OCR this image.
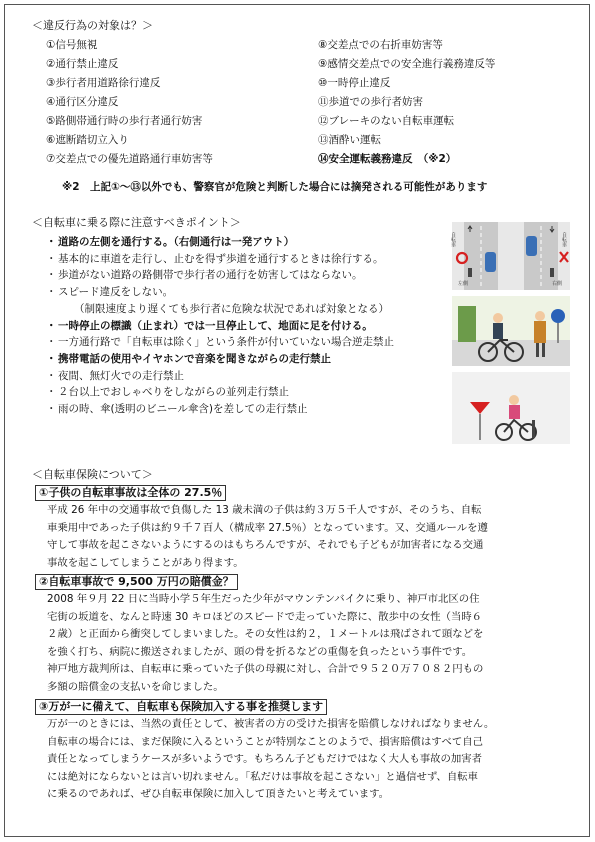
＜違反行為の対象は？＞
①信号無視
②通行禁止違反
③歩行者用道路徐行違反
④通行区分違反
⑤路側帯通行時の歩行者通行妨害
⑥遮断踏切立入り
⑦交差点での優先道路通行車妨害等
⑧交差点での右折車妨害等
⑨感情交差点での安全進行義務違反等
⑩一時停止違反
⑪歩道での歩行者妨害
⑫ブレーキのない自転車運転
⑬酒酔い運転
⑭安全運転義務違反　（※2）
※2　上記①～⑬以外でも、警察官が危険と判断した場合には摘発される可能性があります
＜自転車に乗る際に注意すべきポイント＞
・ 道路の左側を通行する。（右側通行は一発アウト）
・ 基本的に車道を走行し、止むを得ず歩道を通行するときは徐行する。
・ 歩道がない道路の路側帯で歩行者の通行を妨害してはならない。
・ スピード違反をしない。
（制限速度より遅くても歩行者に危険な状況であれば対象となる）
・ 一時停止の標識（止まれ）では一旦停止して、地面に足を付ける。
・ 一方通行路で「自転車は除く」という条件が付いていない場合逆走禁止
・ 携帯電話の使用やイヤホンで音楽を聞きながらの走行禁止
・ 夜間、無灯火での走行禁止
・ ２台以上でおしゃべりをしながらの並列走行禁止
・ 雨の時、傘(透明のビニール傘含)を差しての走行禁止
左側	右側
自転車	自転車
＜自転車保険について＞
①子供の自転車事故は全体の 27.5％
平成 26 年中の交通事故で負傷した 13 歳未満の子供は約３万５千人ですが、そのうち、自転
車乗用中であった子供は約９千７百人（構成率 27.5％）となっています。又、交通ルールを遵
守して事故を起こさないようにするのはもちろんですが、それでも子どもが加害者になる交通
事故を起こしてしまうことがあり得ます。
②自転車事故で 9,500 万円の賠償金？
2008 年９月 22 日に当時小学５年生だった少年がマウンテンバイクに乗り、神戸市北区の住
宅街の坂道を、なんと時速 30 キロほどのスピードで走っていた際に、散歩中の女性（当時６
２歳）と正面から衝突してしまいました。その女性は約２，１メートルは飛ばされて頭などを
を強く打ち、病院に搬送されましたが、頭の骨を折るなどの重傷を負ったという事件です。
神戸地方裁判所は、自転車に乗っていた子供の母親に対し、合計で９５２０万７０８２円もの
多額の賠償金の支払いを命じました。
③万が一に備えて、自転車も保険加入する事を推奨します
万が一のときには、当然の責任として、被害者の方の受けた損害を賠償しなければなりません。
自転車の場合には、まだ保険に入るということが特別なことのようで、損害賠償はすべて自己
責任となってしまうケースが多いようです。もちろん子どもだけではなく大人も事故の加害者
には絶対にならないとは言い切れません。「私だけは事故を起こさない」と過信せず、自転車
に乗るのであれば、ぜひ自転車保険に加入して頂きたいと考えています。
